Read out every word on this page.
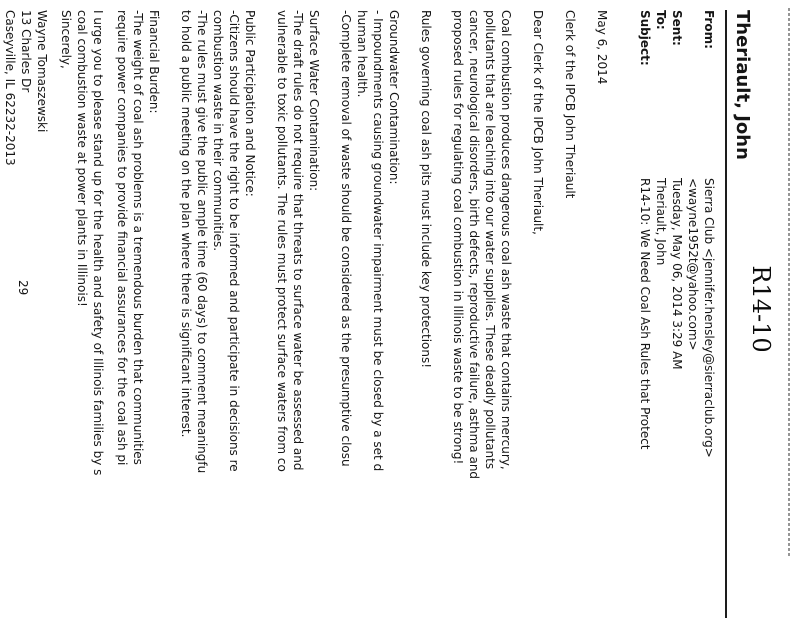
R14-10
Theriault, John
From:
Sierra Club <jennifer.hensley@sierraclub.org>
<wayne1952t@yahoo.com>
Sent:
Tuesday, May 06, 2014 3:29 AM
To:
Theriault, John
Subject:
R14-10: We Need Coal Ash Rules that Protect
May 6, 2014
Clerk of the IPCB John Theriault
Dear Clerk of the IPCB John Theriault,
Coal combustion produces dangerous coal ash waste that contains mercury,
pollutants that are leaching into our water supplies. These deadly pollutants
cancer, neurological disorders, birth defects, reproductive failure, asthma and
proposed rules for regulating coal combustion in Illinois waste to be strong!
Rules governing coal ash pits must include key protections!
Groundwater Contamination:
- Impoundments causing groundwater impairment must be closed by a set d
human health.
-Complete removal of waste should be considered as the presumptive closu
Surface Water Contamination:
-The draft rules do not require that threats to surface water be assessed and
vulnerable to toxic pollutants. The rules must protect surface waters from co
Public Participation and Notice:
-Citizens should have the right to be informed and participate in decisions re
combustion waste in their communities.
-The rules must give the public ample time (60 days) to comment meaningfu
to hold a public meeting on the plan where there is significant interest.
Financial Burden:
-The weight of coal ash problems is a tremendous burden that communities
require power companies to provide financial assurances for the coal ash pi
I urge you to please stand up for the health and safety of Illinois families by s
coal combustion waste at power plants in Illinois!
Sincerely,
Wayne Tomaszewski
13 Charles Dr
Caseyville, IL 62232-2013
29
